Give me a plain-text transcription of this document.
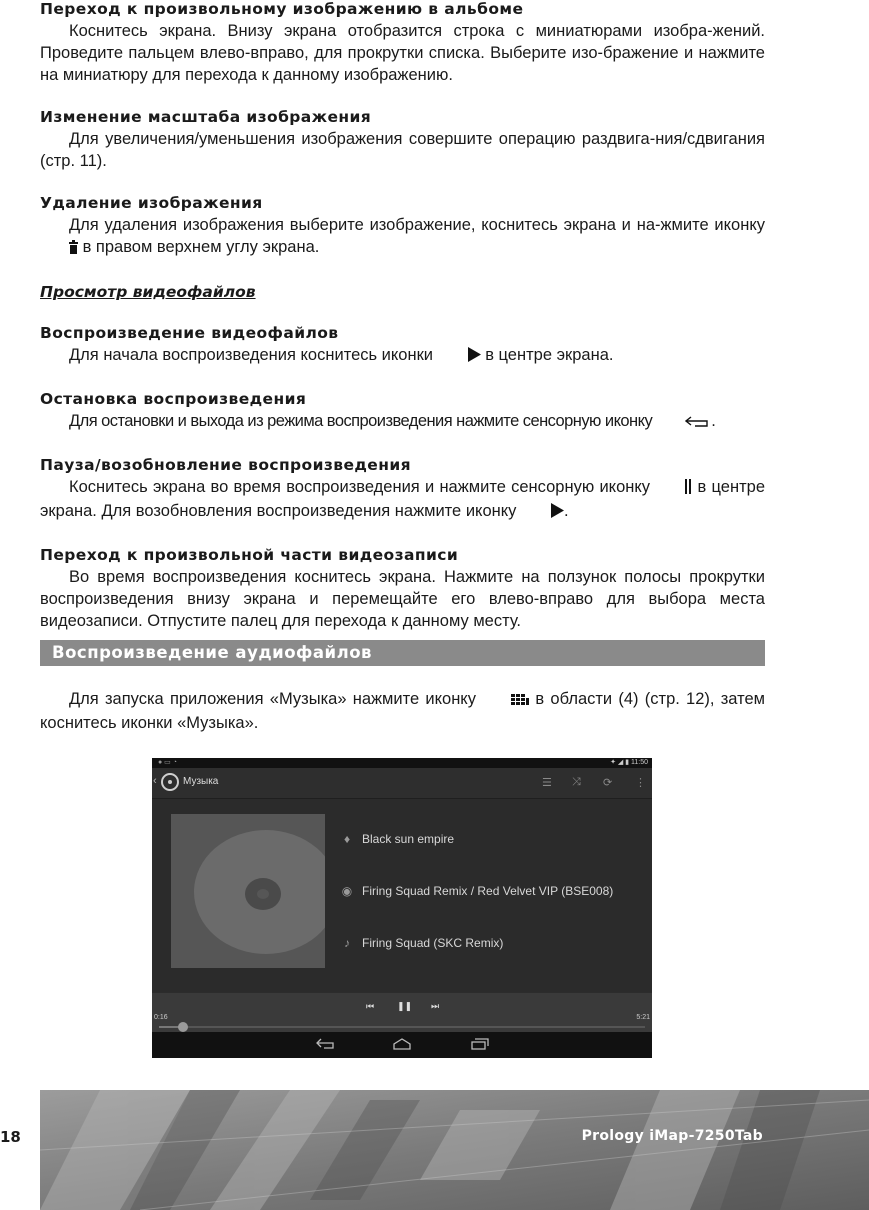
Переход к произвольному изображению в альбоме

Коснитесь экрана. Внизу экрана отобразится строка с миниатюрами изобра-жений. Проведите пальцем влево-вправо, для прокрутки списка. Выберите изо-бражение и нажмите на миниатюру для перехода к данному изображению.

Изменение масштаба изображения

Для увеличения/уменьшения изображения совершите операцию раздвига-ния/сдвигания (стр. 11).

Удаление изображения

Для удаления изображения выберите изображение, коснитесь экрана и на-жмите иконку  в правом верхнем углу экрана.

Просмотр видеофайлов

Воспроизведение видеофайлов

Для начала воспроизведения коснитесь иконки	в центре экрана.

Остановка воспроизведения

Для остановки и выхода из режима воспроизведения нажмите сенсорную иконку	.

Пауза/возобновление воспроизведения

Коснитесь экрана во время воспроизведения и нажмите сенсорную иконку  в центре экрана. Для возобновления воспроизведения нажмите иконку	.

Переход к произвольной части видеозаписи

Во время воспроизведения коснитесь экрана. Нажмите на ползунок полосы прокрутки воспроизведения внизу экрана и перемещайте его влево-вправо для выбора места видеозаписи. Отпустите палец для перехода к данному месту.

Воспроизведение аудиофайлов

Для запуска приложения «Музыка» нажмите иконку	в области (4) (стр. 12), затем коснитесь иконки «Музыка».

● ▭ ◔	✦ ◢ ▮ 11:50
‹	Музыка	☰ ⤨ ⟳ ⋮
♦ Black sun empire
◉ Firing Squad Remix / Red Velvet VIP (BSE008)
♪ Firing Squad (SKC Remix)
⏮	❚❚ ⏭
0:16	5:21
18	Prology iMap-7250Tab
